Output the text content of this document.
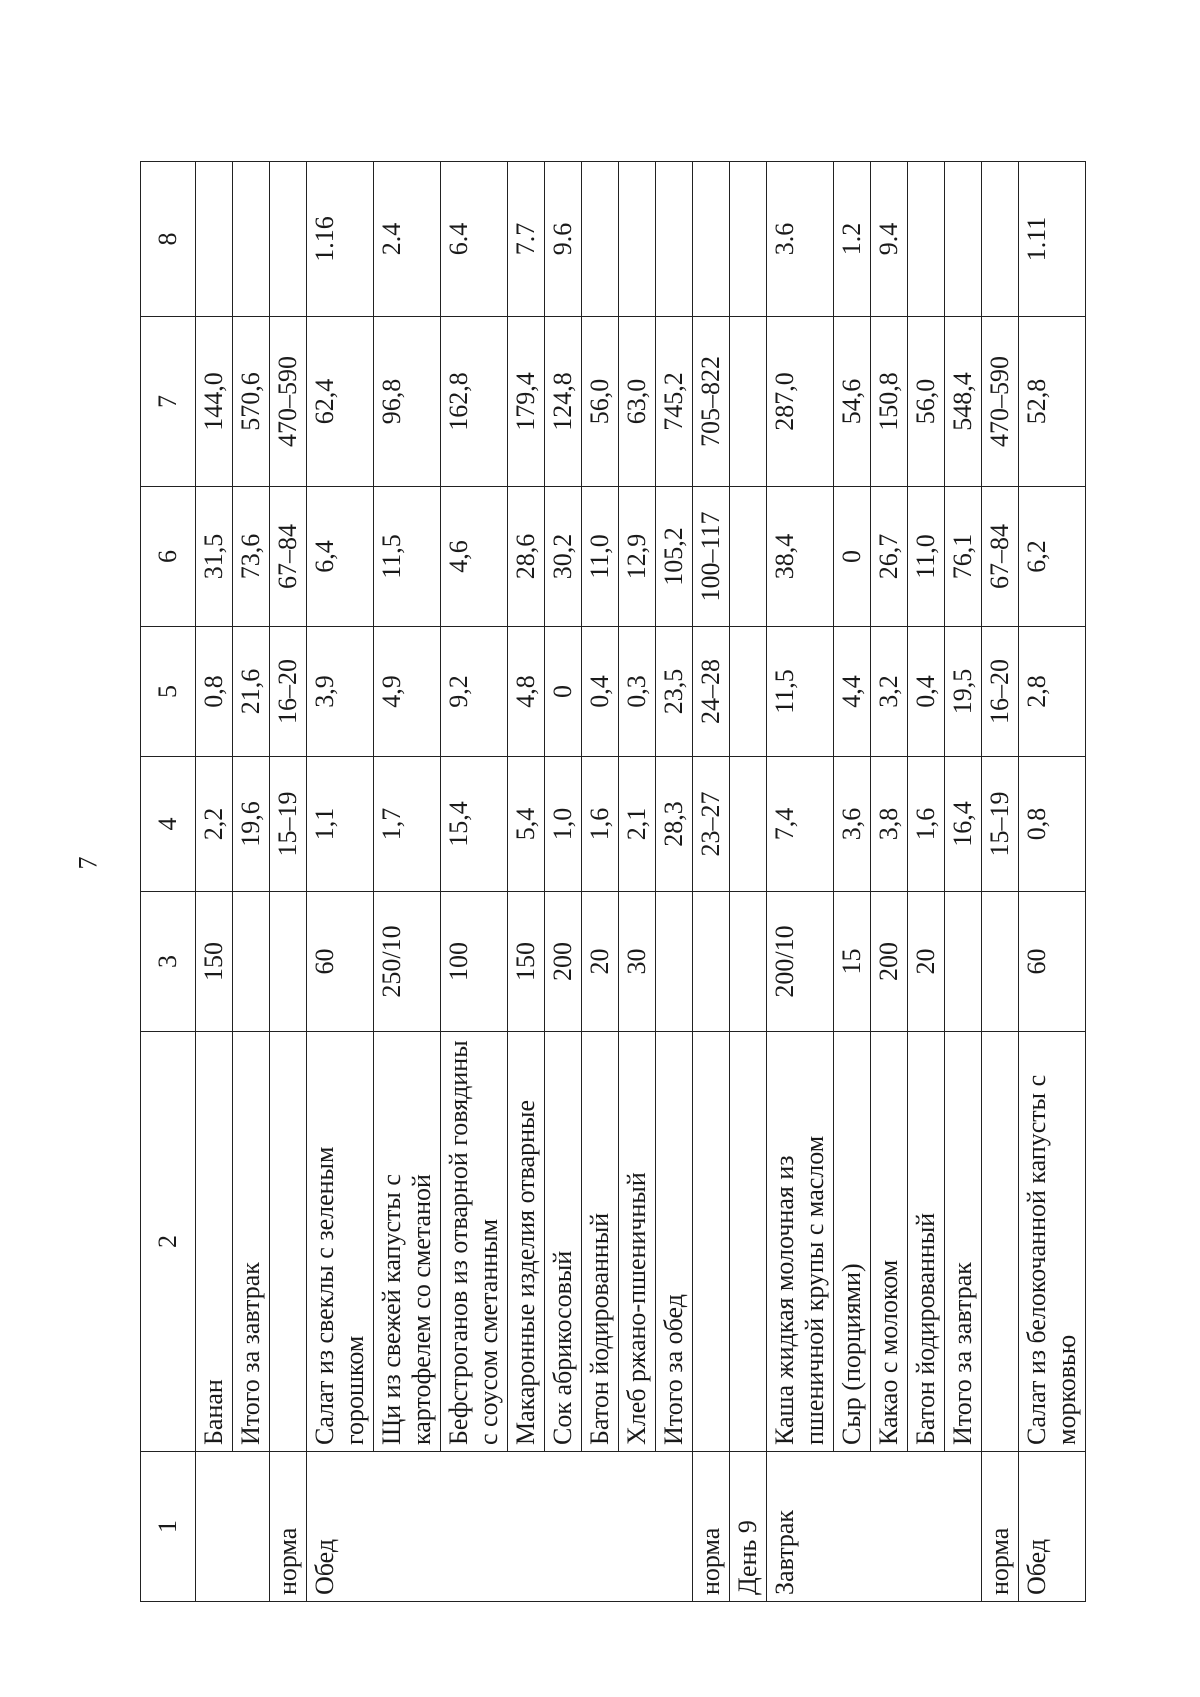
7
1	2	3	4	5	6	7	8
	Банан	150	2,2	0,8	31,5	144,0	
	Итого за завтрак		19,6	21,6	73,6	570,6	
норма			15–19	16–20	67–84	470–590	
Обед	Салат из свеклы с зеленым горошком	60	1,1	3,9	6,4	62,4	1.16
	Щи из свежей капусты с картофелем со сметаной	250/10	1,7	4,9	11,5	96,8	2.4
	Бефстроганов из отварной говядины с соусом сметанным	100	15,4	9,2	4,6	162,8	6.4
	Макаронные изделия отварные	150	5,4	4,8	28,6	179,4	7.7
	Сок абрикосовый	200	1,0	0	30,2	124,8	9.6
	Батон йодированный	20	1,6	0,4	11,0	56,0	
	Хлеб ржано-пшеничный	30	2,1	0,3	12,9	63,0	
	Итого за обед		28,3	23,5	105,2	745,2	
норма			23–27	24–28	100–117	705–822	
День 9							
Завтрак	Каша жидкая молочная из пшеничной крупы с маслом	200/10	7,4	11,5	38,4	287,0	3.6
	Сыр (порциями)	15	3,6	4,4	0	54,6	1.2
	Какао с молоком	200	3,8	3,2	26,7	150,8	9.4
	Батон йодированный	20	1,6	0,4	11,0	56,0	
	Итого за завтрак		16,4	19,5	76,1	548,4	
норма			15–19	16–20	67–84	470–590	
Обед	Салат из белокочанной капусты с морковью	60	0,8	2,8	6,2	52,8	1.11
